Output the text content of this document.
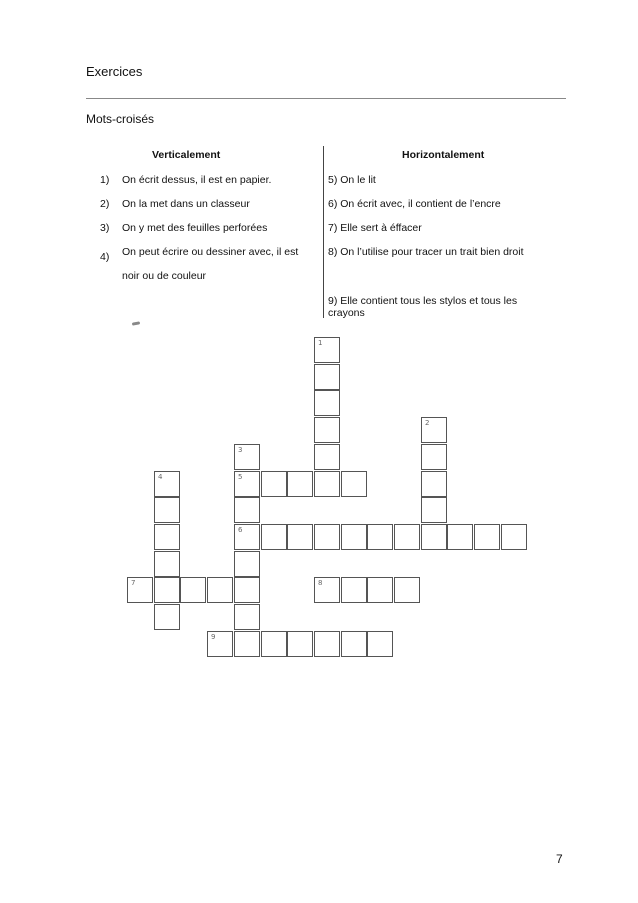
Exercices
Mots-croisés
Verticalement	Horizontalement
1) On écrit dessus, il est en papier.
2) On la met dans un classeur
3) On y met des feuilles perforées
4) On peut écrire ou dessiner avec, il est noir ou de couleur
5) On le lit
6) On écrit avec, il contient de l’encre
7) Elle sert à éffacer
8) On l’utilise pour tracer un trait bien droit
9) Elle contient tous les stylos et tous les crayons
1
2
3
5
6
4
7	8
9
7
